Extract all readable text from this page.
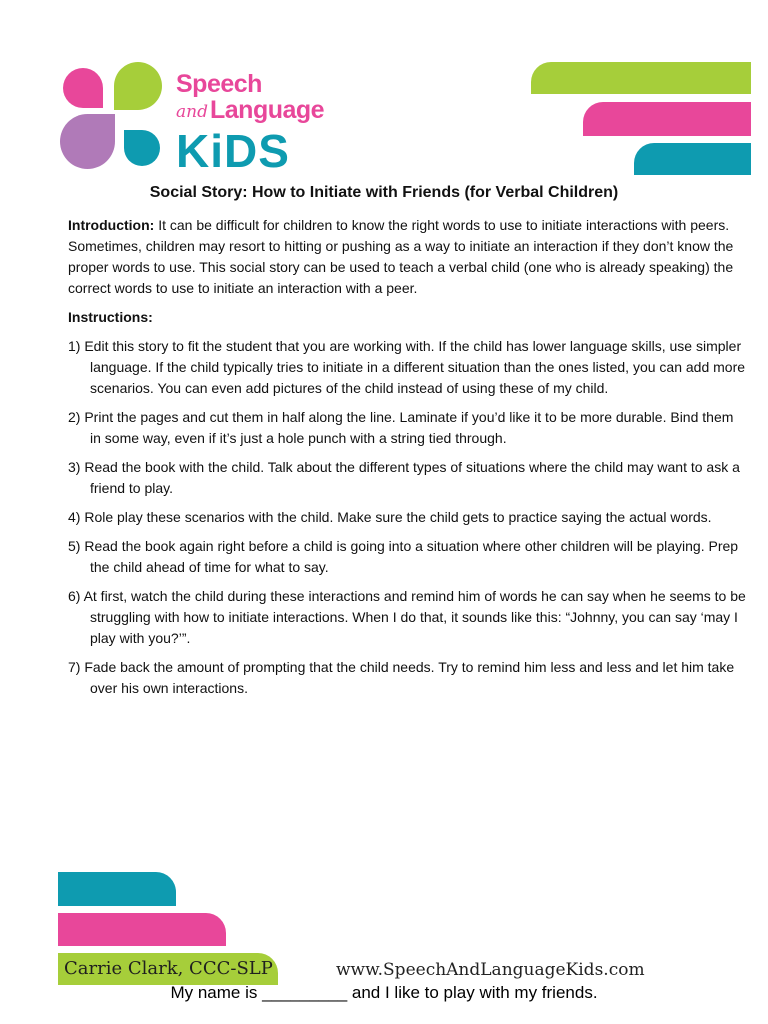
Speech
and Language
KiDS
Social Story: How to Initiate with Friends (for Verbal Children)

Introduction: It can be difficult for children to know the right words to use to initiate interactions with peers. Sometimes, children may resort to hitting or pushing as a way to initiate an interaction if they don’t know the proper words to use. This social story can be used to teach a verbal child (one who is already speaking) the correct words to use to initiate an interaction with a peer.

Instructions:

1) Edit this story to fit the student that you are working with. If the child has lower language skills, use simpler language. If the child typically tries to initiate in a different situation than the ones listed, you can add more scenarios. You can even add pictures of the child instead of using these of my child.
2) Print the pages and cut them in half along the line. Laminate if you’d like it to be more durable. Bind them in some way, even if it’s just a hole punch with a string tied through.
3) Read the book with the child. Talk about the different types of situations where the child may want to ask a friend to play.
4) Role play these scenarios with the child. Make sure the child gets to practice saying the actual words.
5) Read the book again right before a child is going into a situation where other children will be playing. Prep the child ahead of time for what to say.
6) At first, watch the child during these interactions and remind him of words he can say when he seems to be struggling with how to initiate interactions. When I do that, it sounds like this: “Johnny, you can say ‘may I play with you?’”.
7) Fade back the amount of prompting that the child needs. Try to remind him less and less and let him take over his own interactions.
Carrie Clark, CCC-SLP	www.SpeechAndLanguageKids.com
My name is _________ and I like to play with my friends.
